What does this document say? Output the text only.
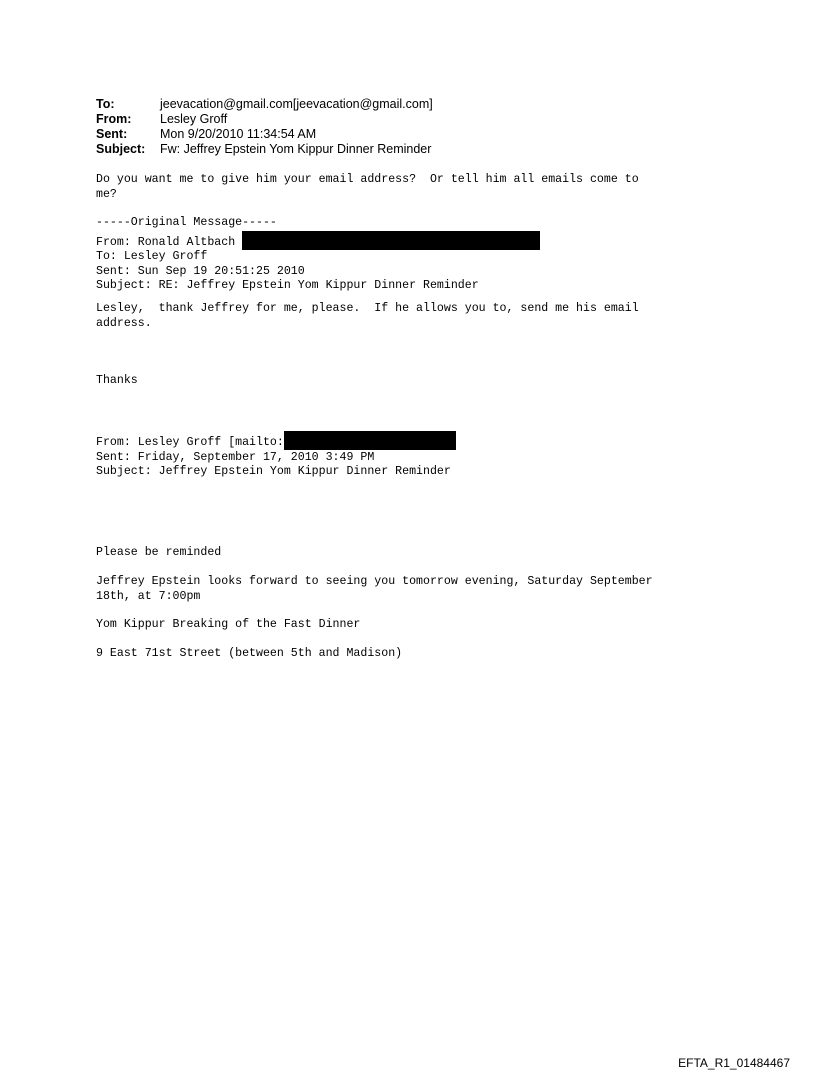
To:	jeevacation@gmail.com[jeevacation@gmail.com]
From:	Lesley Groff
Sent:	Mon 9/20/2010 11:34:54 AM
Subject:	Fw: Jeffrey Epstein Yom Kippur Dinner Reminder
Do you want me to give him your email address?  Or tell him all emails come to
me?
-----Original Message-----
From: Ronald Altbach
To: Lesley Groff
Sent: Sun Sep 19 20:51:25 2010
Subject: RE: Jeffrey Epstein Yom Kippur Dinner Reminder
Lesley,  thank Jeffrey for me, please.  If he allows you to, send me his email
address.
Thanks
From: Lesley Groff [mailto:
Sent: Friday, September 17, 2010 3:49 PM
Subject: Jeffrey Epstein Yom Kippur Dinner Reminder
Please be reminded
Jeffrey Epstein looks forward to seeing you tomorrow evening, Saturday September
18th, at 7:00pm
Yom Kippur Breaking of the Fast Dinner
9 East 71st Street (between 5th and Madison)
EFTA_R1_01484467
